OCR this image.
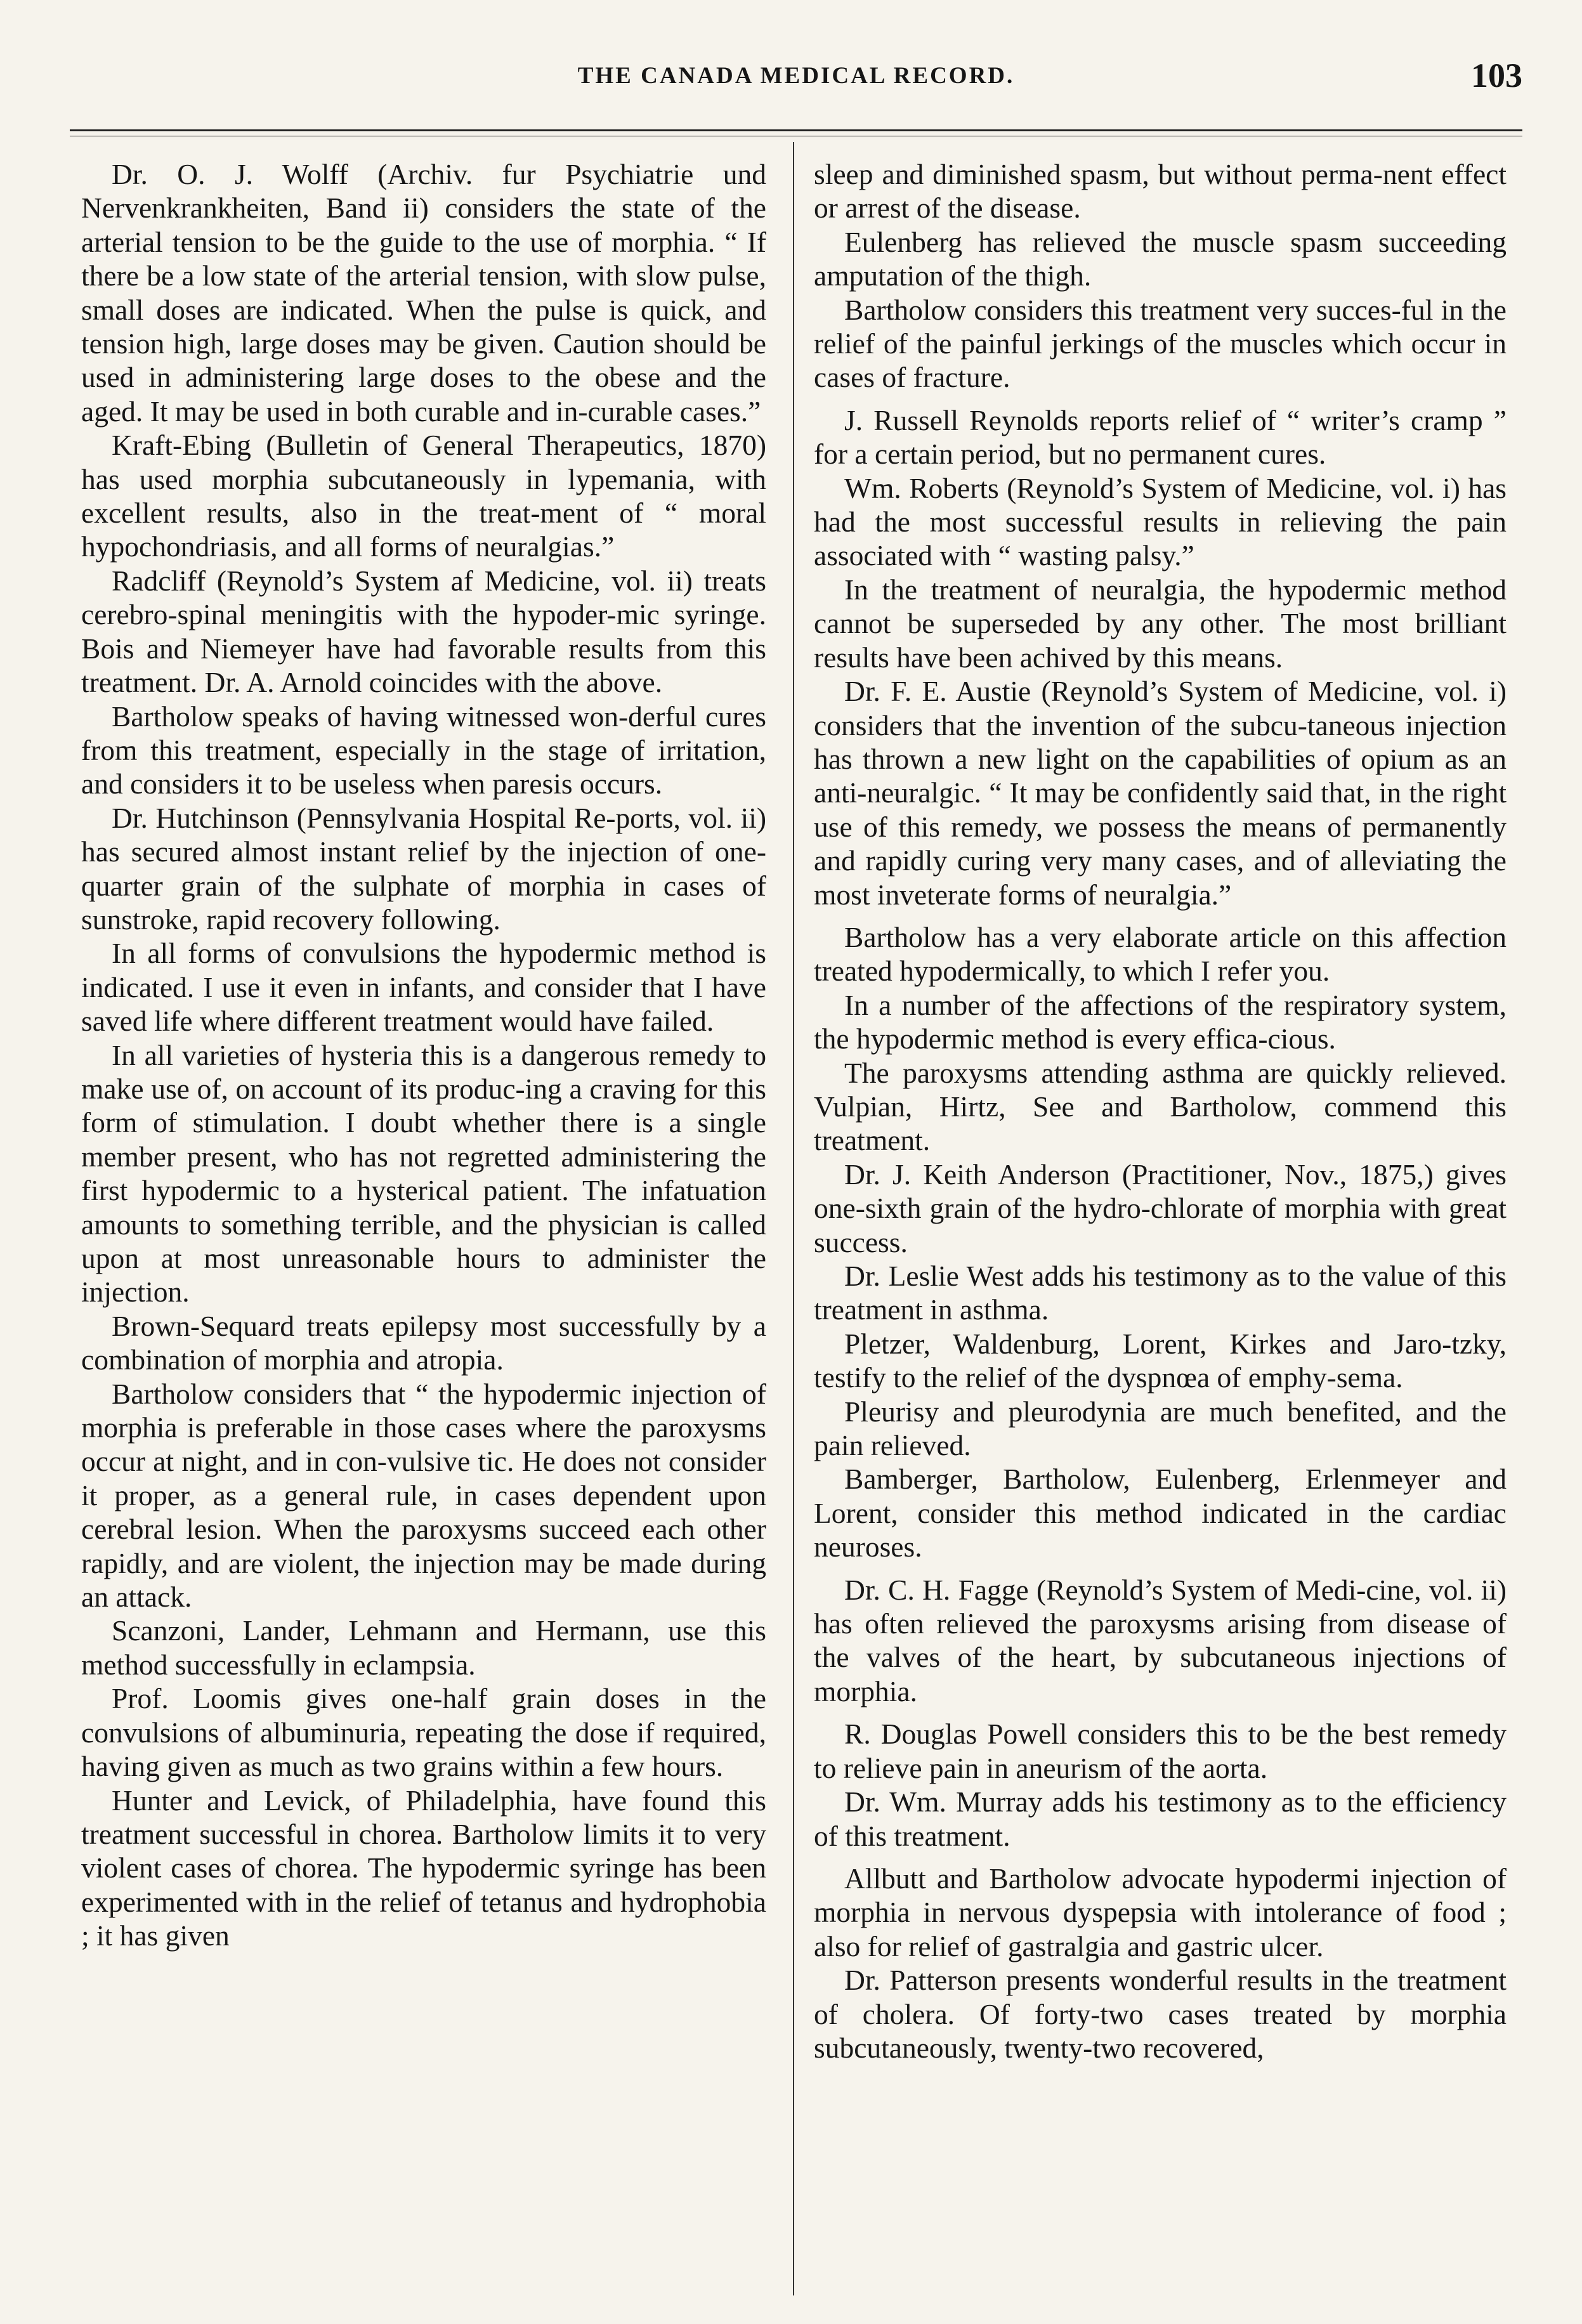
THE CANADA MEDICAL RECORD.	103

Dr. O. J. Wolff (Archiv. fur Psychiatrie und Nervenkrankheiten, Band ii) considers the state of the arterial tension to be the guide to the use of morphia. “ If there be a low state of the arterial tension, with slow pulse, small doses are indicated. When the pulse is quick, and tension high, large doses may be given. Caution should be used in administering large doses to the obese and the aged. It may be used in both curable and in-curable cases.”

Kraft-Ebing (Bulletin of General Therapeutics, 1870) has used morphia subcutaneously in lypemania, with excellent results, also in the treat-ment of “ moral hypochondriasis, and all forms of neuralgias.”

Radcliff (Reynold’s System af Medicine, vol. ii) treats cerebro-spinal meningitis with the hypoder-mic syringe. Bois and Niemeyer have had favorable results from this treatment. Dr. A. Arnold coincides with the above.

Bartholow speaks of having witnessed won-derful cures from this treatment, especially in the stage of irritation, and considers it to be useless when paresis occurs.

Dr. Hutchinson (Pennsylvania Hospital Re-ports, vol. ii) has secured almost instant relief by the injection of one-quarter grain of the sulphate of morphia in cases of sunstroke, rapid recovery following.

In all forms of convulsions the hypodermic method is indicated. I use it even in infants, and consider that I have saved life where different treatment would have failed.

In all varieties of hysteria this is a dangerous remedy to make use of, on account of its produc-ing a craving for this form of stimulation. I doubt whether there is a single member present, who has not regretted administering the first hypodermic to a hysterical patient. The infatuation amounts to something terrible, and the physician is called upon at most unreasonable hours to administer the injection.

Brown-Sequard treats epilepsy most successfully by a combination of morphia and atropia.

Bartholow considers that “ the hypodermic injection of morphia is preferable in those cases where the paroxysms occur at night, and in con-vulsive tic. He does not consider it proper, as a general rule, in cases dependent upon cerebral lesion. When the paroxysms succeed each other rapidly, and are violent, the injection may be made during an attack.

Scanzoni, Lander, Lehmann and Hermann, use this method successfully in eclampsia.

Prof. Loomis gives one-half grain doses in the convulsions of albuminuria, repeating the dose if required, having given as much as two grains within a few hours.

Hunter and Levick, of Philadelphia, have found this treatment successful in chorea. Bartholow limits it to very violent cases of chorea. The hypodermic syringe has been experimented with in the relief of tetanus and hydrophobia ; it has given

sleep and diminished spasm, but without perma-nent effect or arrest of the disease.

Eulenberg has relieved the muscle spasm succeeding amputation of the thigh.

Bartholow considers this treatment very succes-ful in the relief of the painful jerkings of the muscles which occur in cases of fracture.

J. Russell Reynolds reports relief of “ writer’s cramp ” for a certain period, but no permanent cures.

Wm. Roberts (Reynold’s System of Medicine, vol. i) has had the most successful results in relieving the pain associated with “ wasting palsy.”

In the treatment of neuralgia, the hypodermic method cannot be superseded by any other. The most brilliant results have been achived by this means.

Dr. F. E. Austie (Reynold’s System of Medicine, vol. i) considers that the invention of the subcu-taneous injection has thrown a new light on the capabilities of opium as an anti-neuralgic. “ It may be confidently said that, in the right use of this remedy, we possess the means of permanently and rapidly curing very many cases, and of alleviating the most inveterate forms of neuralgia.”

Bartholow has a very elaborate article on this affection treated hypodermically, to which I refer you.

In a number of the affections of the respiratory system, the hypodermic method is every effica-cious.

The paroxysms attending asthma are quickly relieved. Vulpian, Hirtz, See and Bartholow, commend this treatment.

Dr. J. Keith Anderson (Practitioner, Nov., 1875,) gives one-sixth grain of the hydro-chlorate of morphia with great success.

Dr. Leslie West adds his testimony as to the value of this treatment in asthma.

Pletzer, Waldenburg, Lorent, Kirkes and Jaro-tzky, testify to the relief of the dyspnœa of emphy-sema.

Pleurisy and pleurodynia are much benefited, and the pain relieved.

Bamberger, Bartholow, Eulenberg, Erlenmeyer and Lorent, consider this method indicated in the cardiac neuroses.

Dr. C. H. Fagge (Reynold’s System of Medi-cine, vol. ii) has often relieved the paroxysms arising from disease of the valves of the heart, by subcutaneous injections of morphia.

R. Douglas Powell considers this to be the best remedy to relieve pain in aneurism of the aorta.

Dr. Wm. Murray adds his testimony as to the efficiency of this treatment.

Allbutt and Bartholow advocate hypodermi injection of morphia in nervous dyspepsia with intolerance of food ; also for relief of gastralgia and gastric ulcer.

Dr. Patterson presents wonderful results in the treatment of cholera. Of forty-two cases treated by morphia subcutaneously, twenty-two recovered,
